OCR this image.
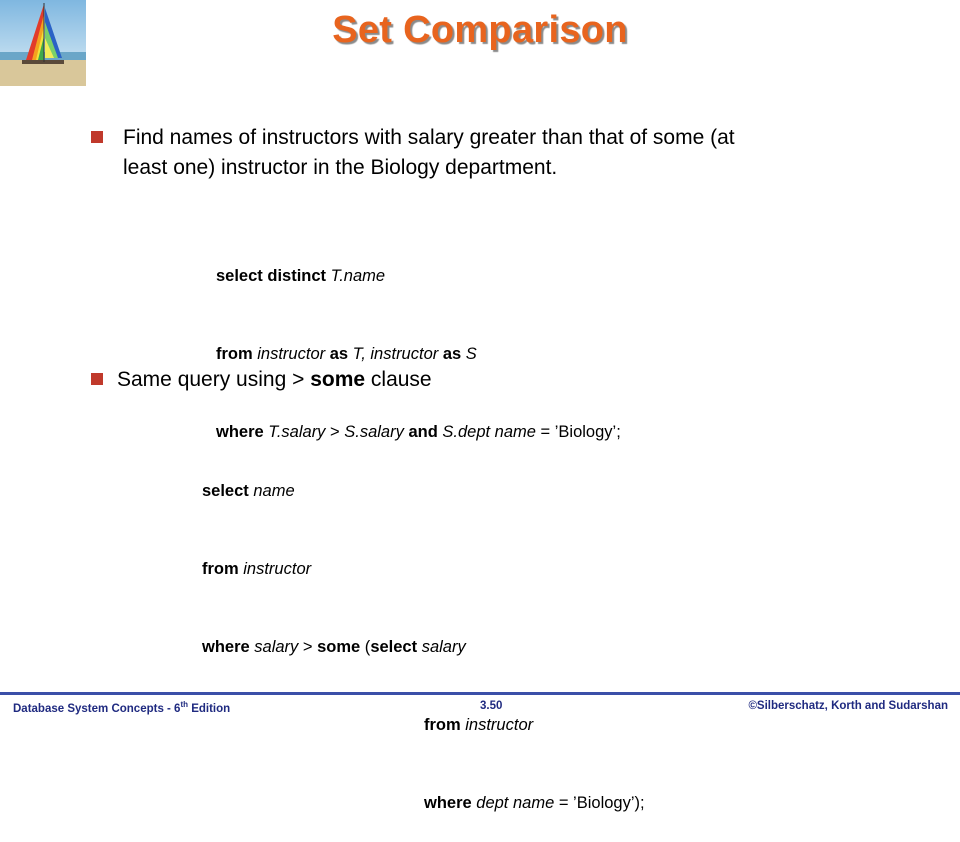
Set Comparison
Find names of instructors with salary greater than that of some (at
least one) instructor in the Biology department.

select distinct T.name

from instructor as T, instructor as S

where T.salary > S.salary and S.dept name = ’Biology’;

Same query using > some clause

select name

from instructor

where salary > some (select salary

from instructor

where dept name = ’Biology’);

Database System Concepts - 6th Edition	3.50	©Silberschatz, Korth and Sudarshan
